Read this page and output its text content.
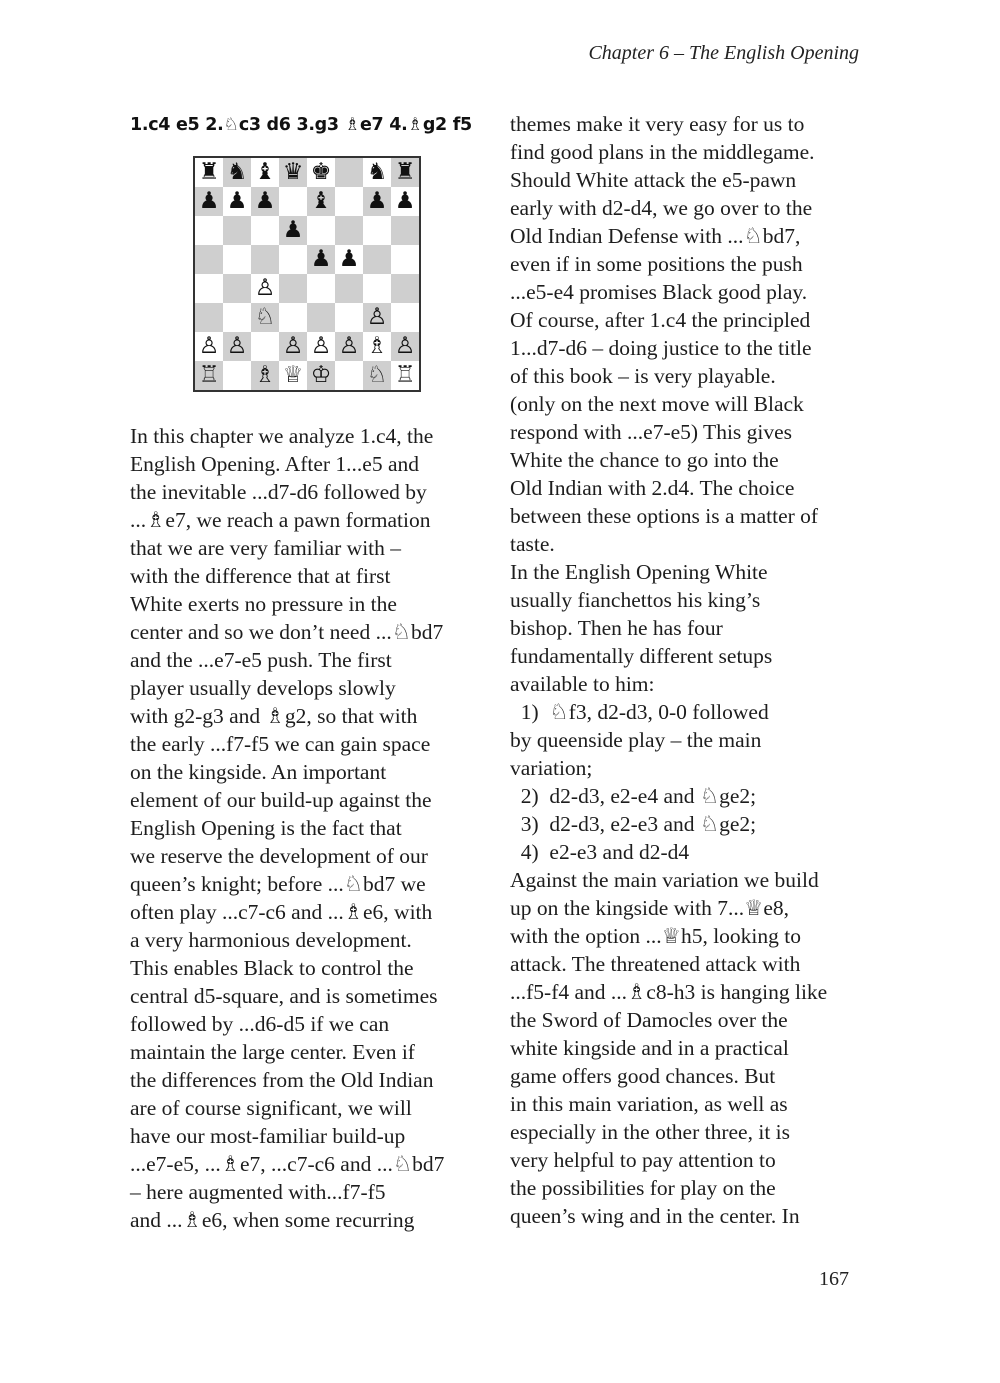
Chapter 6 – The English Opening
1.c4 e5 2.♘c3 d6 3.g3 ♗e7 4.♗g2 f5
♜ ♞ ♝ ♛ ♚ ♞ ♜
♟ ♟ ♟ ♝ ♟ ♟
♟
♟ ♟
♙
♘	♙
♙ ♙ ♙ ♙ ♙ ♗ ♙
♖ ♗ ♕ ♔ ♘ ♖
In this chapter we analyze 1.c4, the
English Opening. After 1...e5 and
the inevitable ...d7-d6 followed by
...♗e7, we reach a pawn formation
that we are very familiar with –
with the difference that at first
White exerts no pressure in the
center and so we don’t need ...♘bd7
and the ...e7-e5 push. The first
player usually develops slowly
with g2-g3 and ♗g2, so that with
the early ...f7-f5 we can gain space
on the kingside. An important
element of our build-up against the
English Opening is the fact that
we reserve the development of our
queen’s knight; before ...♘bd7 we
often play ...c7-c6 and ...♗e6, with
a very harmonious development.
This enables Black to control the
central d5-square, and is sometimes
followed by ...d6-d5 if we can
maintain the large center. Even if
the differences from the Old Indian
are of course significant, we will
have our most-familiar build-up
...e7-e5, ...♗e7, ...c7-c6 and ...♘bd7
– here augmented with...f7-f5
and ...♗e6, when some recurring
themes make it very easy for us to
find good plans in the middlegame.
Should White attack the e5-pawn
early with d2-d4, we go over to the
Old Indian Defense with ...♘bd7,
even if in some positions the push
...e5-e4 promises Black good play.
Of course, after 1.c4 the principled
1...d7-d6 – doing justice to the title
of this book – is very playable.
(only on the next move will Black
respond with ...e7-e5) This gives
White the chance to go into the
Old Indian with 2.d4. The choice
between these options is a matter of
taste.
In the English Opening White
usually fianchettos his king’s
bishop. Then he has four
fundamentally different setups
available to him:
1)  ♘f3, d2-d3, 0-0 followed
by queenside play – the main
variation;
2)  d2-d3, e2-e4 and ♘ge2;
3)  d2-d3, e2-e3 and ♘ge2;
4)  e2-e3 and d2-d4
Against the main variation we build
up on the kingside with 7...♕e8,
with the option ...♕h5, looking to
attack. The threatened attack with
...f5-f4 and ...♗c8-h3 is hanging like
the Sword of Damocles over the
white kingside and in a practical
game offers good chances. But
in this main variation, as well as
especially in the other three, it is
very helpful to pay attention to
the possibilities for play on the
queen’s wing and in the center. In
167
